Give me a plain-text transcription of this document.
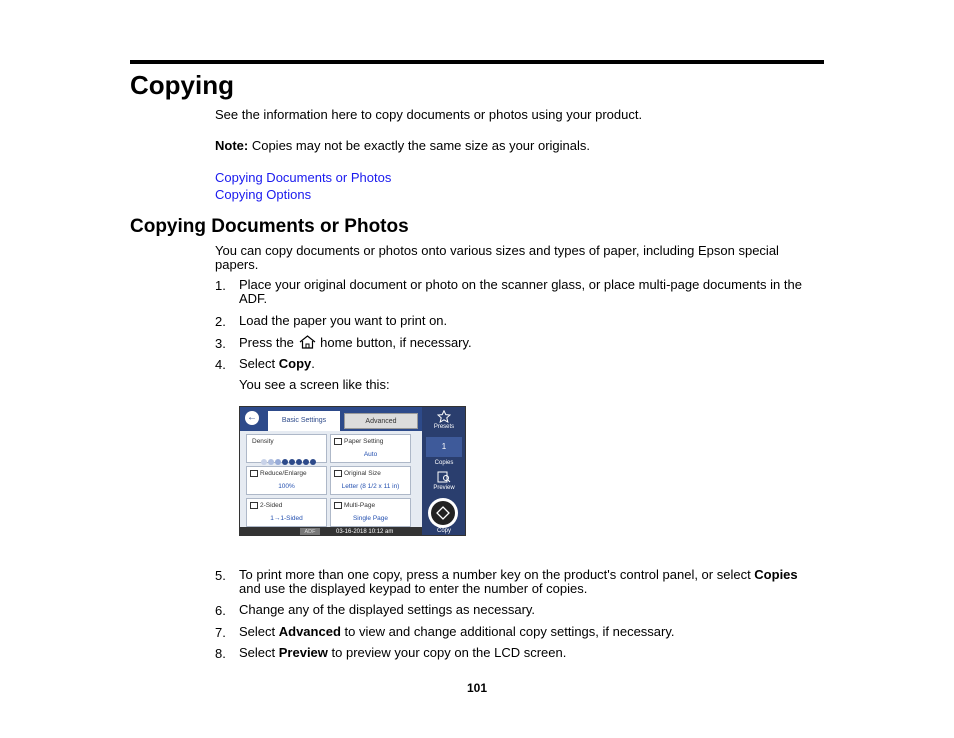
Copying

See the information here to copy documents or photos using your product.

Note: Copies may not be exactly the same size as your originals.

Copying Documents or Photos
Copying Options
Copying Documents or Photos

You can copy documents or photos onto various sizes and types of paper, including Epson special

papers.

1. Place your original document or photo on the scanner glass, or place multi-page documents in the
ADF.
2. Load the paper you want to print on.
3. Press the  home button, if necessary.
4. Select Copy.
You see a screen like this:
←	Basic Settings	Advanced
Density	Paper Setting
Auto
Reduce/Enlarge
100%
Original Size
Letter (8 1/2 x 11 in)
2-Sided
1→1-Sided
Multi-Page
Single Page
ADF	03-16-2018 10:12 am
Presets
1
Copies
Preview
Copy
5. To print more than one copy, press a number key on the product's control panel, or select Copies
and use the displayed keypad to enter the number of copies.
6. Change any of the displayed settings as necessary.
7. Select Advanced to view and change additional copy settings, if necessary.
8. Select Preview to preview your copy on the LCD screen.
101
